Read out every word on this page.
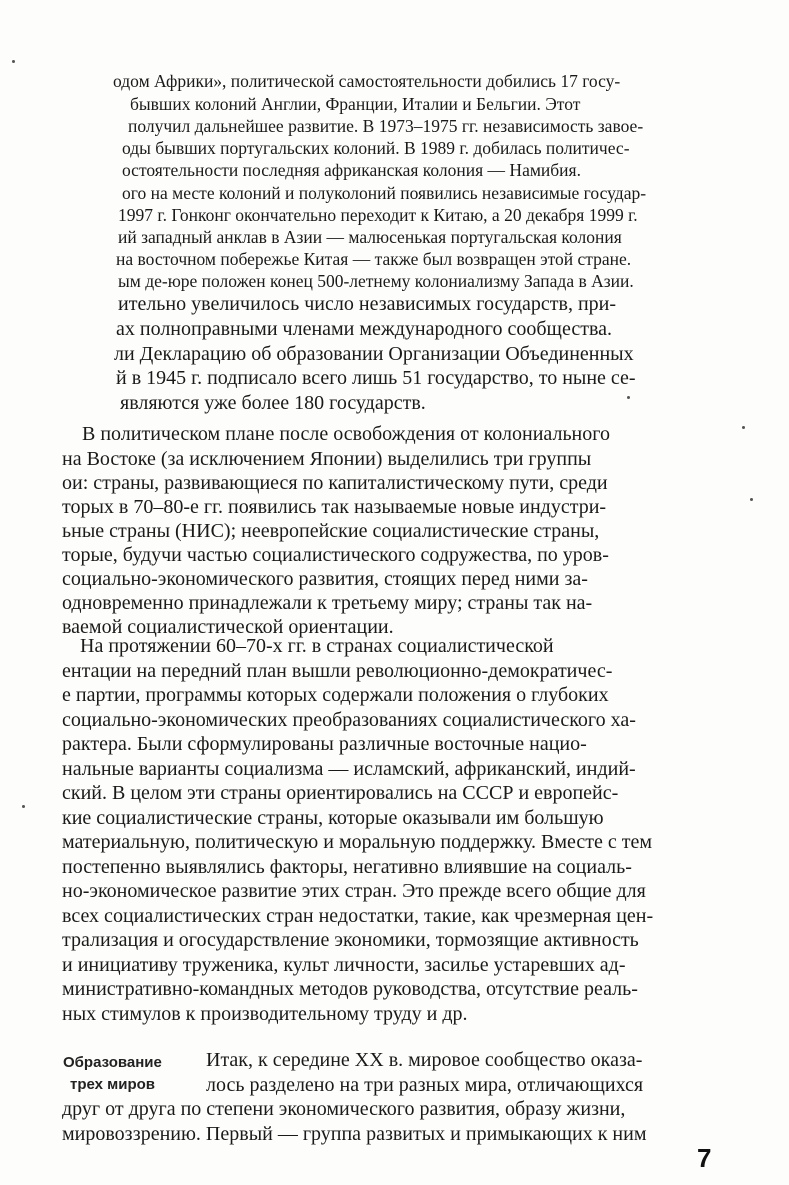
одом Африки», политической самостоятельности добились 17 госу-
бывших колоний Англии, Франции, Италии и Бельгии. Этот
получил дальнейшее развитие. В 1973–1975 гг. независимость завое-
оды бывших португальских колоний. В 1989 г. добилась политичес-
остоятельности последняя африканская колония — Намибия.
ого на месте колоний и полуколоний появились независимые государ-
1997 г. Гонконг окончательно переходит к Китаю, а 20 декабря 1999 г.
ий западный анклав в Азии — малюсенькая португальская колония
на восточном побережье Китая — также был возвращен этой стране.
ым де-юре положен конец 500-летнему колониализму Запада в Азии.
ительно увеличилось число независимых государств, при-
ах полноправными членами международного сообщества.
ли Декларацию об образовании Организации Объединенных
й в 1945 г. подписало всего лишь 51 государство, то ныне се-
являются уже более 180 государств.
В политическом плане после освобождения от колониального
на Востоке (за исключением Японии) выделились три группы
ои: страны, развивающиеся по капиталистическому пути, среди
торых в 70–80-е гг. появились так называемые новые индустри-
ьные страны (НИС); неевропейские социалистические страны,
торые, будучи частью социалистического содружества, по уров-
социально-экономического развития, стоящих перед ними за-
одновременно принадлежали к третьему миру; страны так на-
ваемой социалистической ориентации.
На протяжении 60–70-х гг. в странах социалистической
ентации на передний план вышли революционно-демократичес-
е партии, программы которых содержали положения о глубоких
социально-экономических преобразованиях социалистического ха-
рактера. Были сформулированы различные восточные нацио-
нальные варианты социализма — исламский, африканский, индий-
ский. В целом эти страны ориентировались на СССР и европейс-
кие социалистические страны, которые оказывали им большую
материальную, политическую и моральную поддержку. Вместе с тем
постепенно выявлялись факторы, негативно влиявшие на социаль-
но-экономическое развитие этих стран. Это прежде всего общие для
всех социалистических стран недостатки, такие, как чрезмерная цен-
трализация и огосударствление экономики, тормозящие активность
и инициативу труженика, культ личности, засилье устаревших ад-
министративно-командных методов руководства, отсутствие реаль-
ных стимулов к производительному труду и др.
Образование
трех миров
Итак, к середине XX в. мировое сообщество оказа-
лось разделено на три разных мира, отличающихся
друг от друга по степени экономического развития, образу жизни,
мировоззрению. Первый — группа развитых и примыкающих к ним
7
